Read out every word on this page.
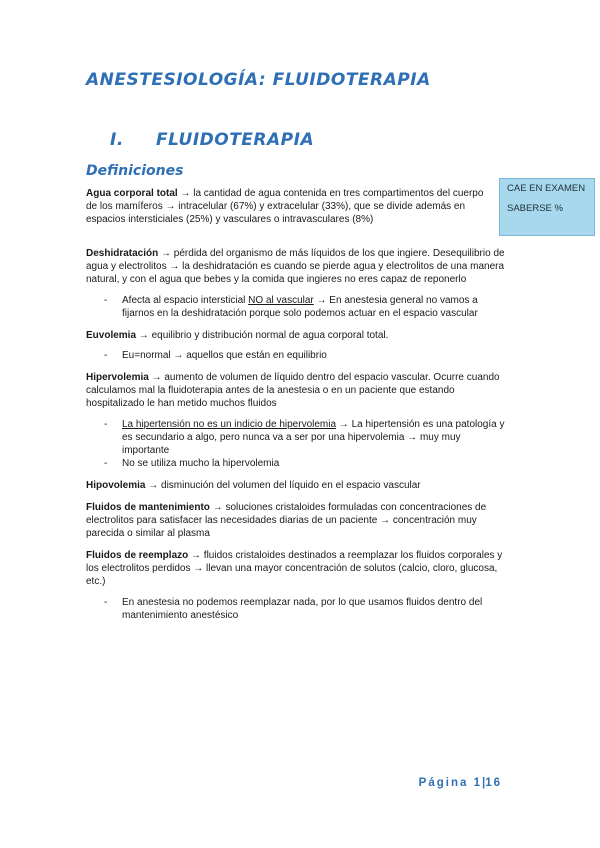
ANESTESIOLOGÍA: FLUIDOTERAPIA
I. FLUIDOTERAPIA
Definiciones
CAE EN EXAMEN
SABERSE %

Agua corporal total → la cantidad de agua contenida en tres compartimentos del cuerpo de los mamíferos → intracelular (67%) y extracelular (33%), que se divide además en espacios intersticiales (25%) y vasculares o intravasculares (8%)

Deshidratación → pérdida del organismo de más líquidos de los que ingiere. Desequilibrio de agua y electrolitos → la deshidratación es cuando se pierde agua y electrolitos de una manera natural, y con el agua que bebes y la comida que ingieres no eres capaz de reponerlo

- Afecta al espacio intersticial NO al vascular → En anestesia general no vamos a fijarnos en la deshidratación porque solo podemos actuar en el espacio vascular

Euvolemia → equilibrio y distribución normal de agua corporal total.

- Eu=normal → aquellos que están en equilibrio

Hipervolemia → aumento de volumen de líquido dentro del espacio vascular. Ocurre cuando calculamos mal la fluidoterapia antes de la anestesia o en un paciente que estando hospitalizado le han metido muchos fluidos

- La hipertensión no es un indicio de hipervolemia → La hipertensión es una patología y es secundario a algo, pero nunca va a ser por una hipervolemia → muy muy importante
- No se utiliza mucho la hipervolemia

Hipovolemia → disminución del volumen del líquido en el espacio vascular

Fluidos de mantenimiento → soluciones cristaloides formuladas con concentraciones de electrolitos para satisfacer las necesidades diarias de un paciente → concentración muy parecida o similar al plasma

Fluidos de reemplazo → fluidos cristaloides destinados a reemplazar los fluidos corporales y los electrolitos perdidos → llevan una mayor concentración de solutos (calcio, cloro, glucosa, etc.)

- En anestesia no podemos reemplazar nada, por lo que usamos fluidos dentro del mantenimiento anestésico
Página 1|16
